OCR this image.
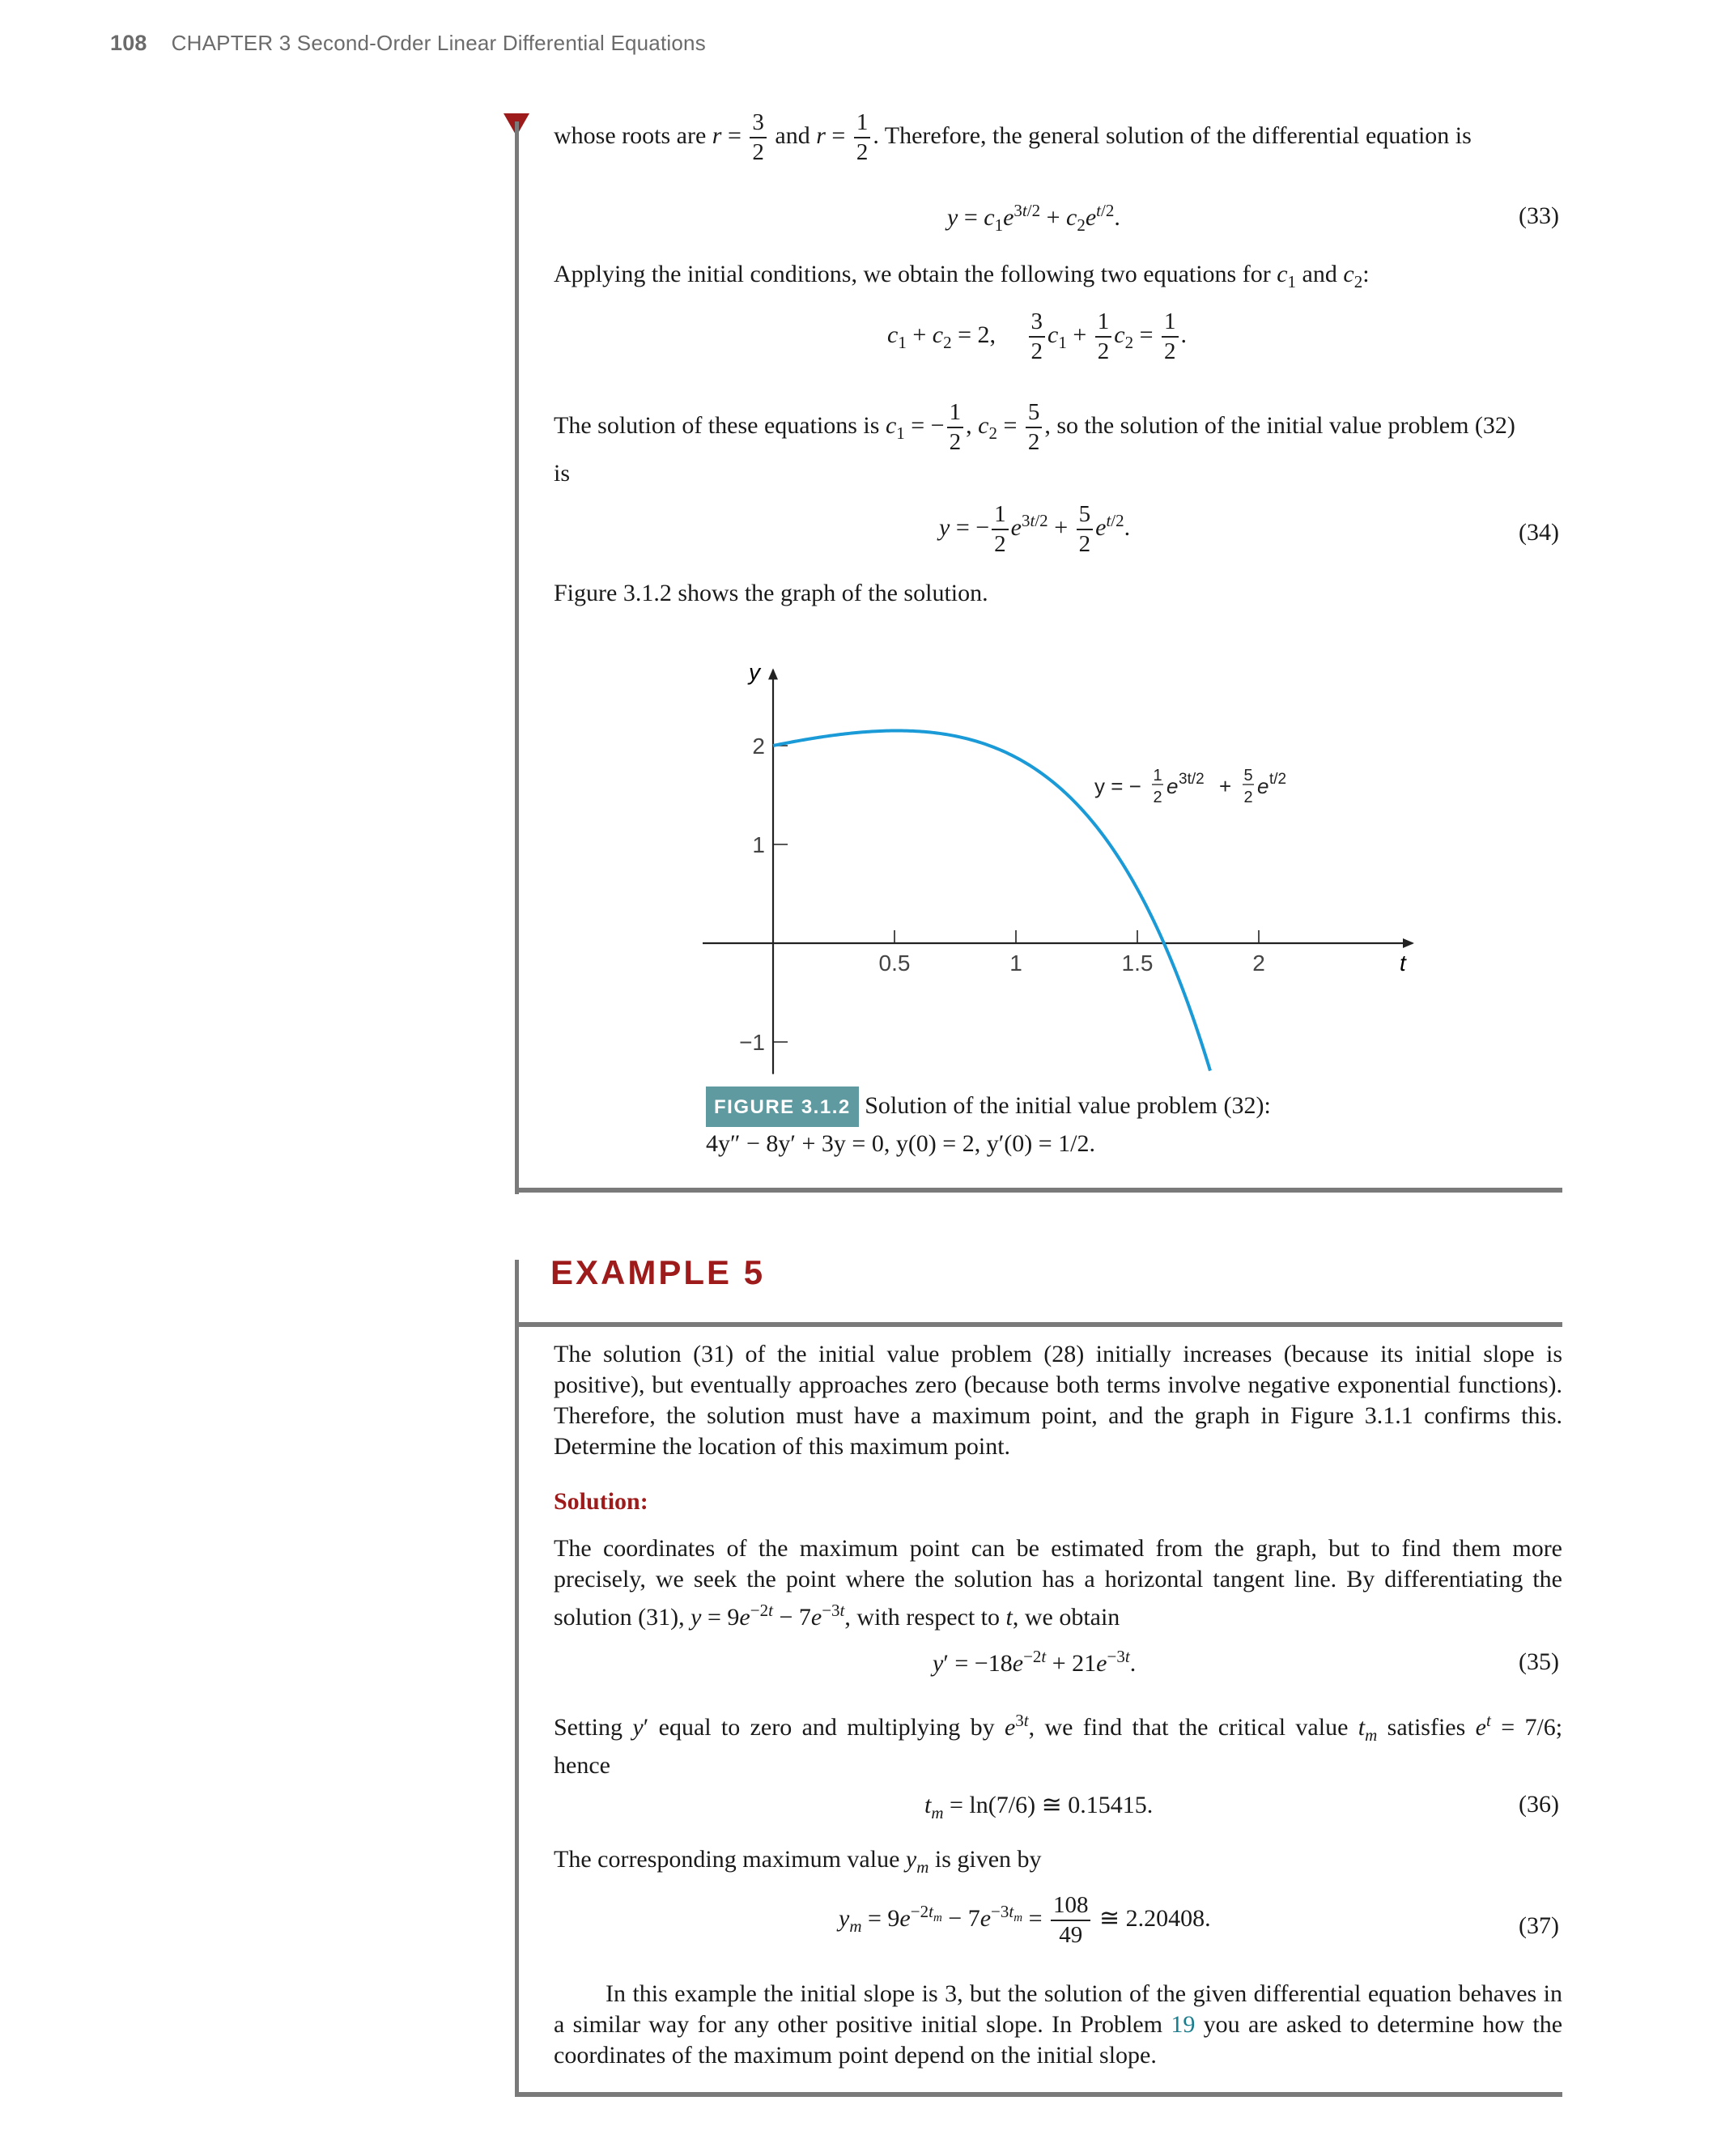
108 CHAPTER 3 Second-Order Linear Differential Equations
whose roots are $r = \frac{3}{2}$ and $r = \frac{1}{2}$ . Therefore, the general solution of the differential equation is
$y = c_1e^{3t/2} + c_2e^{t/2}$.	(33)
Applying the initial conditions, we obtain the following two equations for $c_1$ and $c_2$:
$c_1 + c_2 = 2$, $\frac{3}{2} c_1 + \frac{1}{2} c_2 = \frac{1}{2}$ .
The solution of these equations is $c_1$ = − $\frac{1}{2}$ , $c_2 = \frac{5}{2}$ , so the solution of the initial value problem (32)
is
y = − $\frac{1}{2} e^{3t/2} + \frac{5}{2} e^{t/2}$.	(34)
Figure 3.1.2 shows the graph of the solution.
0.5	1	1.5	2
2
1
−1
y
t
y = − 1
2 e 3t/2 + 5
2 e t/2
FIGURE 3.1.2 Solution of the initial value problem (32):
4y″ − 8y′ + 3y = 0, y(0) = 2, y′(0) = 1/2.
EXAMPLE 5
The solution (31) of the initial value problem (28) initially increases (because its initial slope is positive), but eventually approaches zero (because both terms involve negative exponential functions). Therefore, the solution must have a maximum point, and the graph in Figure 3.1.1 confirms this. Determine the location of this maximum point.
Solution:
The coordinates of the maximum point can be estimated from the graph, but to find them more precisely, we seek the point where the solution has a horizontal tangent line. By differentiating the solution (31), $y = 9e^{-2t} - 7e^{-3t}$, with respect to t, we obtain
$y' = -18e^{-2t} + 21e^{-3t}$.	(35)
Setting y′ equal to zero and multiplying by $e^{3t}$, we find that the critical value $t_m$ satisfies $e^t = 7/6$;
hence
$t_m = \ln(7/6)$ ≅ 0.15415.	(36)
The corresponding maximum value $y_m$ is given by
$y_m = 9e^{-2t_m} - 7e^{-3t_m} = \frac{108}{49}$ ≅ 2.20408.	(37)
In this example the initial slope is 3, but the solution of the given differential equation behaves in a similar way for any other positive initial slope. In Problem 19 you are asked to determine how the coordinates of the maximum point depend on the initial slope.
